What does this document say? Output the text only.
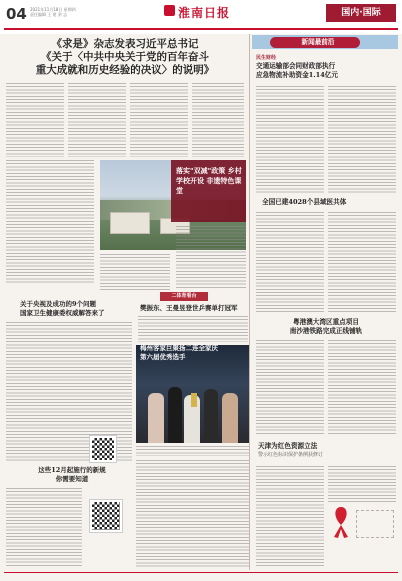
04 2021年11月18日 星期四
责任编辑 王 建 余 志	淮南日报	国内·国际
《求是》杂志发表习近平总书记
《关于〈中共中央关于党的百年奋斗
重大成就和历史经验的决议〉的说明》
落实"双减"政策 乡村学校开设 非遗特色课堂
关于央视及成功的9个问题
国家卫生健康委权威解答来了
这些12月起施行的新规
你需要知道
二体育看台
樊振东、王曼昱登世乒赛单打冠军
梅州客家巨聚扬二连全家庆
第六届优秀选手
新闻最前沿
民生财经
交通运输部会同财政部执行
应急物流补助资金1.14亿元
全国已建4028个县域医共体
粤港澳大湾区重点项目
南沙港铁路完成正线铺轨
天津为红色资源立法
警示红色标识保护条例获修订
